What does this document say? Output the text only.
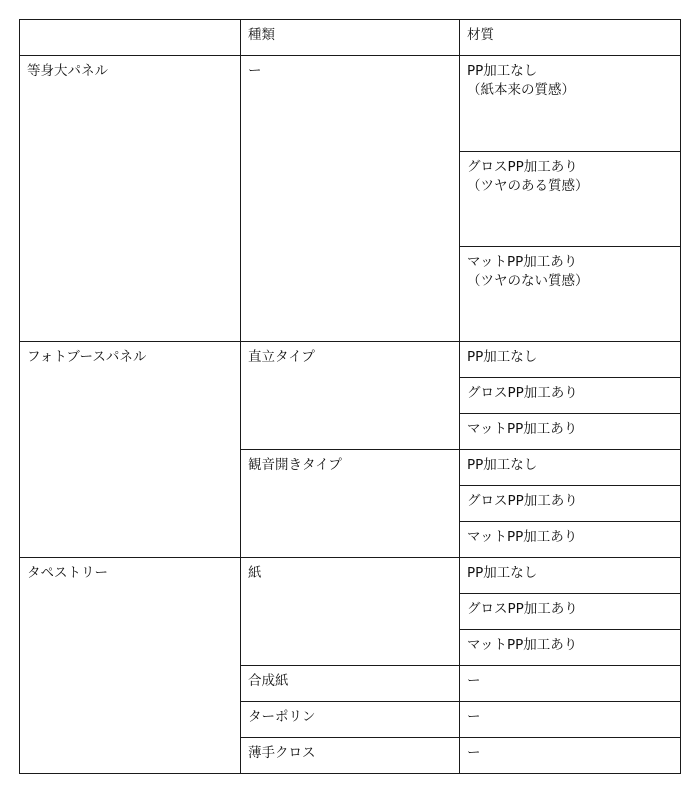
	種類	材質
等身大パネル	ー	PP加工なし
（紙本来の質感）

		グロスPP加工あり
（ツヤのある質感）

		マットPP加工あり
（ツヤのない質感）

フォトブースパネル	直立タイプ	PP加工なし
		グロスPP加工あり
		マットPP加工あり
	観音開きタイプ	PP加工なし
		グロスPP加工あり
		マットPP加工あり
タペストリー	紙	PP加工なし
		グロスPP加工あり
		マットPP加工あり
	合成紙	ー
	ターポリン	ー
	薄手クロス	ー
